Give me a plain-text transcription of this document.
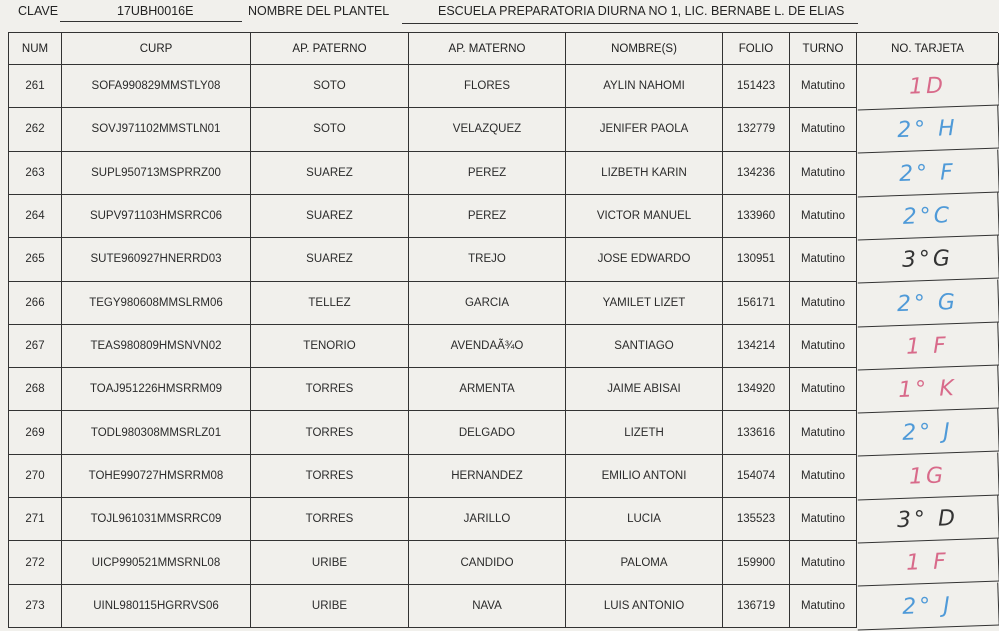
CLAVE	17UBH0016E	NOMBRE DEL PLANTEL	ESCUELA PREPARATORIA DIURNA NO 1, LIC. BERNABE L. DE ELIAS
NUM	CURP	AP. PATERNO	AP. MATERNO	NOMBRE(S)	FOLIO	TURNO	NO. TARJETA
261	SOFA990829MMSTLY08	SOTO	FLORES	AYLIN NAHOMI	151423	Matutino	1D
262	SOVJ971102MMSTLN01	SOTO	VELAZQUEZ	JENIFER PAOLA	132779	Matutino	2° H
263	SUPL950713MSPRRZ00	SUAREZ	PEREZ	LIZBETH KARIN	134236	Matutino	2° F
264	SUPV971103HMSRRC06	SUAREZ	PEREZ	VICTOR MANUEL	133960	Matutino	2°C
265	SUTE960927HNERRD03	SUAREZ	TREJO	JOSE EDWARDO	130951	Matutino	3°G
266	TEGY980608MMSLRM06	TELLEZ	GARCIA	YAMILET LIZET	156171	Matutino	2° G
267	TEAS980809HMSNVN02	TENORIO	AVENDAÃ¾O	SANTIAGO	134214	Matutino	1 F
268	TOAJ951226HMSRRM09	TORRES	ARMENTA	JAIME ABISAI	134920	Matutino	1° K
269	TODL980308MMSRLZ01	TORRES	DELGADO	LIZETH	133616	Matutino	2° J
270	TOHE990727HMSRRM08	TORRES	HERNANDEZ	EMILIO ANTONI	154074	Matutino	1G
271	TOJL961031MMSRRC09	TORRES	JARILLO	LUCIA	135523	Matutino	3° D
272	UICP990521MMSRNL08	URIBE	CANDIDO	PALOMA	159900	Matutino	1 F
273	UINL980115HGRRVS06	URIBE	NAVA	LUIS ANTONIO	136719	Matutino	2° J
